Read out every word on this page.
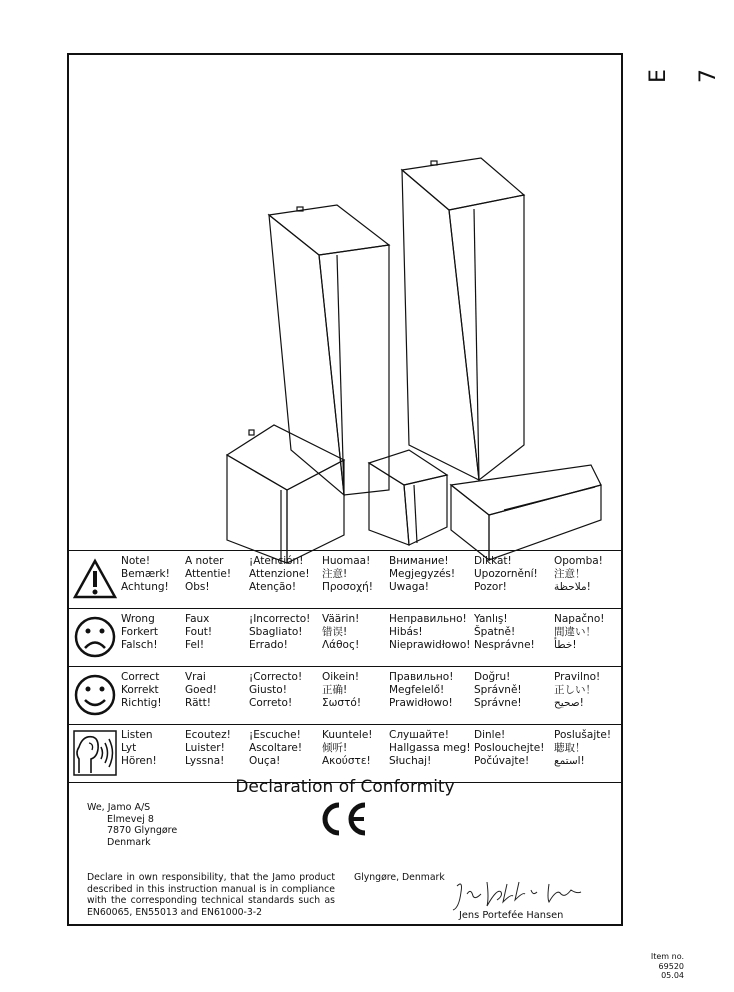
E 7
Note!
Bemærk!
Achtung!
A noter
Attentie!
Obs!
¡Atención!
Attenzione!
Atenção!
Huomaa!
注意!
Προσοχή!
Внимание!
Megjegyzés!
Uwaga!
Dikkat!
Upozornění!
Pozor!
Opomba!
注意！
ملاحظة!
Wrong
Forkert
Falsch!
Faux
Fout!
Fel!
¡Incorrecto!
Sbagliato!
Errado!
Väärin!
错误!
Λάθος!
Неправильно!
Hibás!
Nieprawidłowo!
Yanlış!
Špatně!
Nesprávne!
Napačno!
間違い！
خطأ!
Correct
Korrekt
Richtig!
Vrai
Goed!
Rätt!
¡Correcto!
Giusto!
Correto!
Oikein!
正确!
Σωστό!
Правильно!
Megfelelő!
Prawidłowo!
Doğru!
Správně!
Správne!
Pravilno!
正しい！
صحيح!
Listen
Lyt
Hören!
Ecoutez!
Luister!
Lyssna!
¡Escuche!
Ascoltare!
Ouça!
Kuuntele!
倾听!
Ακούστε!
Слушайте!
Hallgassa meg!
Słuchaj!
Dinle!
Poslouchejte!
Počúvajte!
Poslušajte!
聴取！
استمع!
Declaration of Conformity
We, Jamo A/S
Elmevej 8
7870 Glyngøre
Denmark
Declare in own responsibility, that the Jamo product described in this instruction manual is in compliance with the corresponding technical standards such as EN60065, EN55013 and EN61000-3-2
Glyngøre, Denmark
Jens Portefée Hansen
Item no.
69520
05.04
